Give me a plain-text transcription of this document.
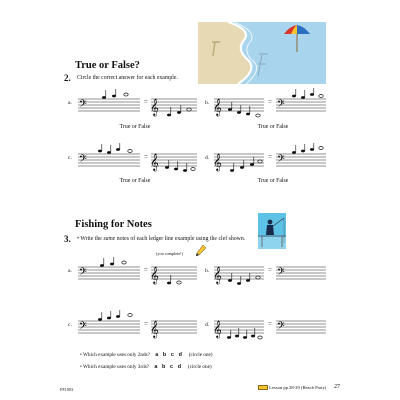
True or False?
2. Circle the correct answer for each example.
a. 𝄢	= 𝄞
True or False
b. 𝄞	= 𝄢
True or False
c. 𝄢	= 𝄞
True or False
d. 𝄞	= 𝄢
True or False
Fishing for Notes
3. • Write the same notes of each ledger line example using the clef shown.
a. 𝄢	=
(you complete!)
𝄞	b. 𝄞	= 𝄢
c. 𝄢	= 𝄞	d. 𝄞	= 𝄢
• Which example uses only 2nds? a b c d (circle one)
• Which example uses only 3rds? a b c d (circle one)
FF1003	Lesson pp.38-39 (Beach Party) 27
